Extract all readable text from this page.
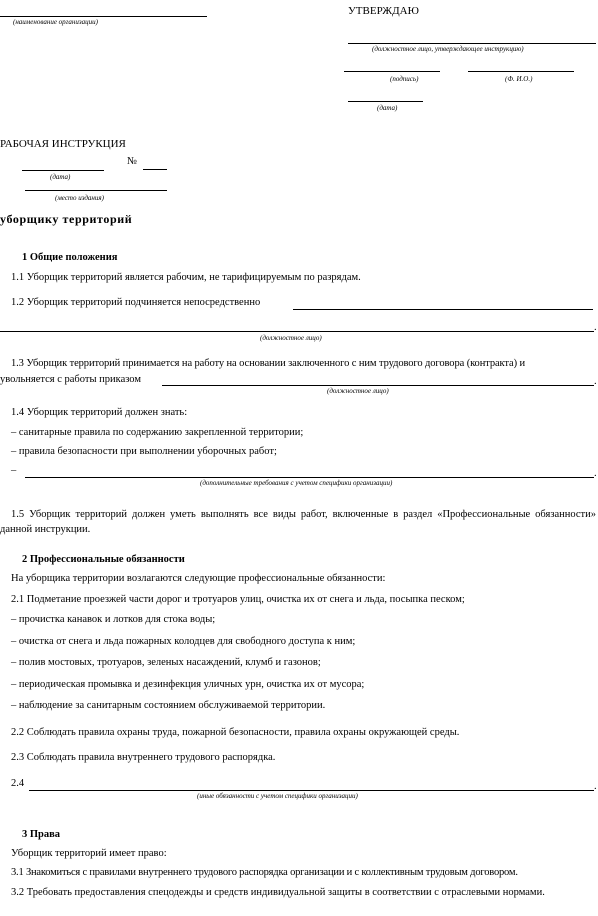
(наименование организации)
УТВЕРЖДАЮ
(должностное лицо, утверждающее инструкцию)
(подпись)	(Ф. И.О.)
(дата)
РАБОЧАЯ ИНСТРУКЦИЯ
№
(дата)
(место издания)
уборщику территорий
1 Общие положения
1.1 Уборщик территорий является рабочим, не тарифицируемым по разрядам.
1.2 Уборщик территорий подчиняется непосредственно
.
(должностное лицо)
1.3 Уборщик территорий принимается на работу на основании заключенного с ним трудового договора (контракта) и
увольняется с работы приказом	.
(должностное лицо)
1.4 Уборщик территорий должен знать:
– санитарные правила по содержанию закрепленной территории;
– правила безопасности при выполнении уборочных работ;
–	.
(дополнительные требования с учетом специфики организации)
1.5 Уборщик территорий должен уметь выполнять все виды работ, включенные в раздел «Профессиональные обязанности» данной инструкции.
2 Профессиональные обязанности
На уборщика территории возлагаются следующие профессиональные обязанности:
2.1 Подметание проезжей части дорог и тротуаров улиц, очистка их от снега и льда, посыпка песком;
– прочистка канавок и лотков для стока воды;
– очистка от снега и льда пожарных колодцев для свободного доступа к ним;
– полив мостовых, тротуаров, зеленых насаждений, клумб и газонов;
– периодическая промывка и дезинфекция уличных урн, очистка их от мусора;
– наблюдение за санитарным состоянием обслуживаемой территории.
2.2 Соблюдать правила охраны труда, пожарной безопасности, правила охраны окружающей среды.
2.3 Соблюдать правила внутреннего трудового распорядка.
2.4	.
(иные обязанности с учетом специфики организации)
3 Права
Уборщик территорий имеет право:
3.1 Знакомиться с правилами внутреннего трудового распорядка организации и с коллективным трудовым договором.
3.2 Требовать предоставления спецодежды и средств индивидуальной защиты в соответствии с отраслевыми нормами.
